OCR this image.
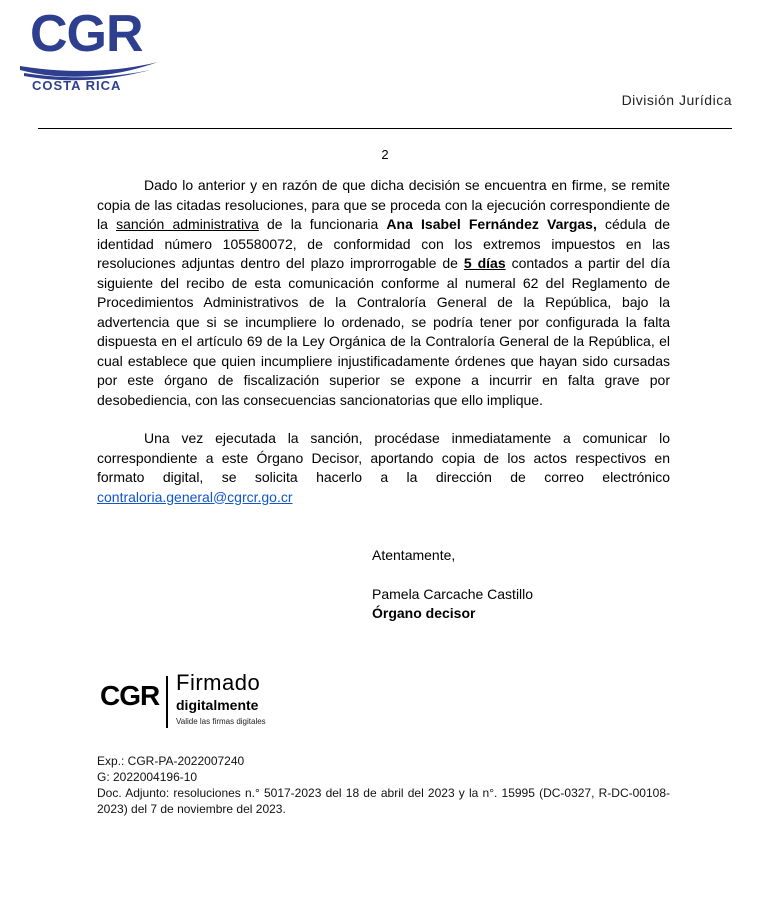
CGR
COSTA RICA
División Jurídica
2

Dado lo anterior y en razón de que dicha decisión se encuentra en firme, se remite copia de las citadas resoluciones, para que se proceda con la ejecución correspondiente de la sanción administrativa de la funcionaria Ana Isabel Fernández Vargas, cédula de identidad número 105580072, de conformidad con los extremos impuestos en las resoluciones adjuntas dentro del plazo improrrogable de 5 días contados a partir del día siguiente del recibo de esta comunicación conforme al numeral 62 del Reglamento de Procedimientos Administrativos de la Contraloría General de la República, bajo la advertencia que si se incumpliere lo ordenado, se podría tener por configurada la falta dispuesta en el artículo 69 de la Ley Orgánica de la Contraloría General de la República, el cual establece que quien incumpliere injustificadamente órdenes que hayan sido cursadas por este órgano de fiscalización superior se expone a incurrir en falta grave por desobediencia, con las consecuencias sancionatorias que ello implique.

Una vez ejecutada la sanción, procédase inmediatamente a comunicar lo correspondiente a este Órgano Decisor, aportando copia de los actos respectivos en formato digital, se solicita hacerlo a la dirección de correo electrónico contraloria.general@cgrcr.go.cr

Atentamente,
Pamela Carcache Castillo
Órgano decisor
CGR Firmado
digitalmente
Valide las firmas digitales
Exp.: CGR-PA-2022007240
G: 2022004196-10
Doc. Adjunto: resoluciones n.° 5017-2023 del 18 de abril del 2023 y la n°. 15995 (DC-0327, R-DC-00108-2023) del 7 de noviembre del 2023.
